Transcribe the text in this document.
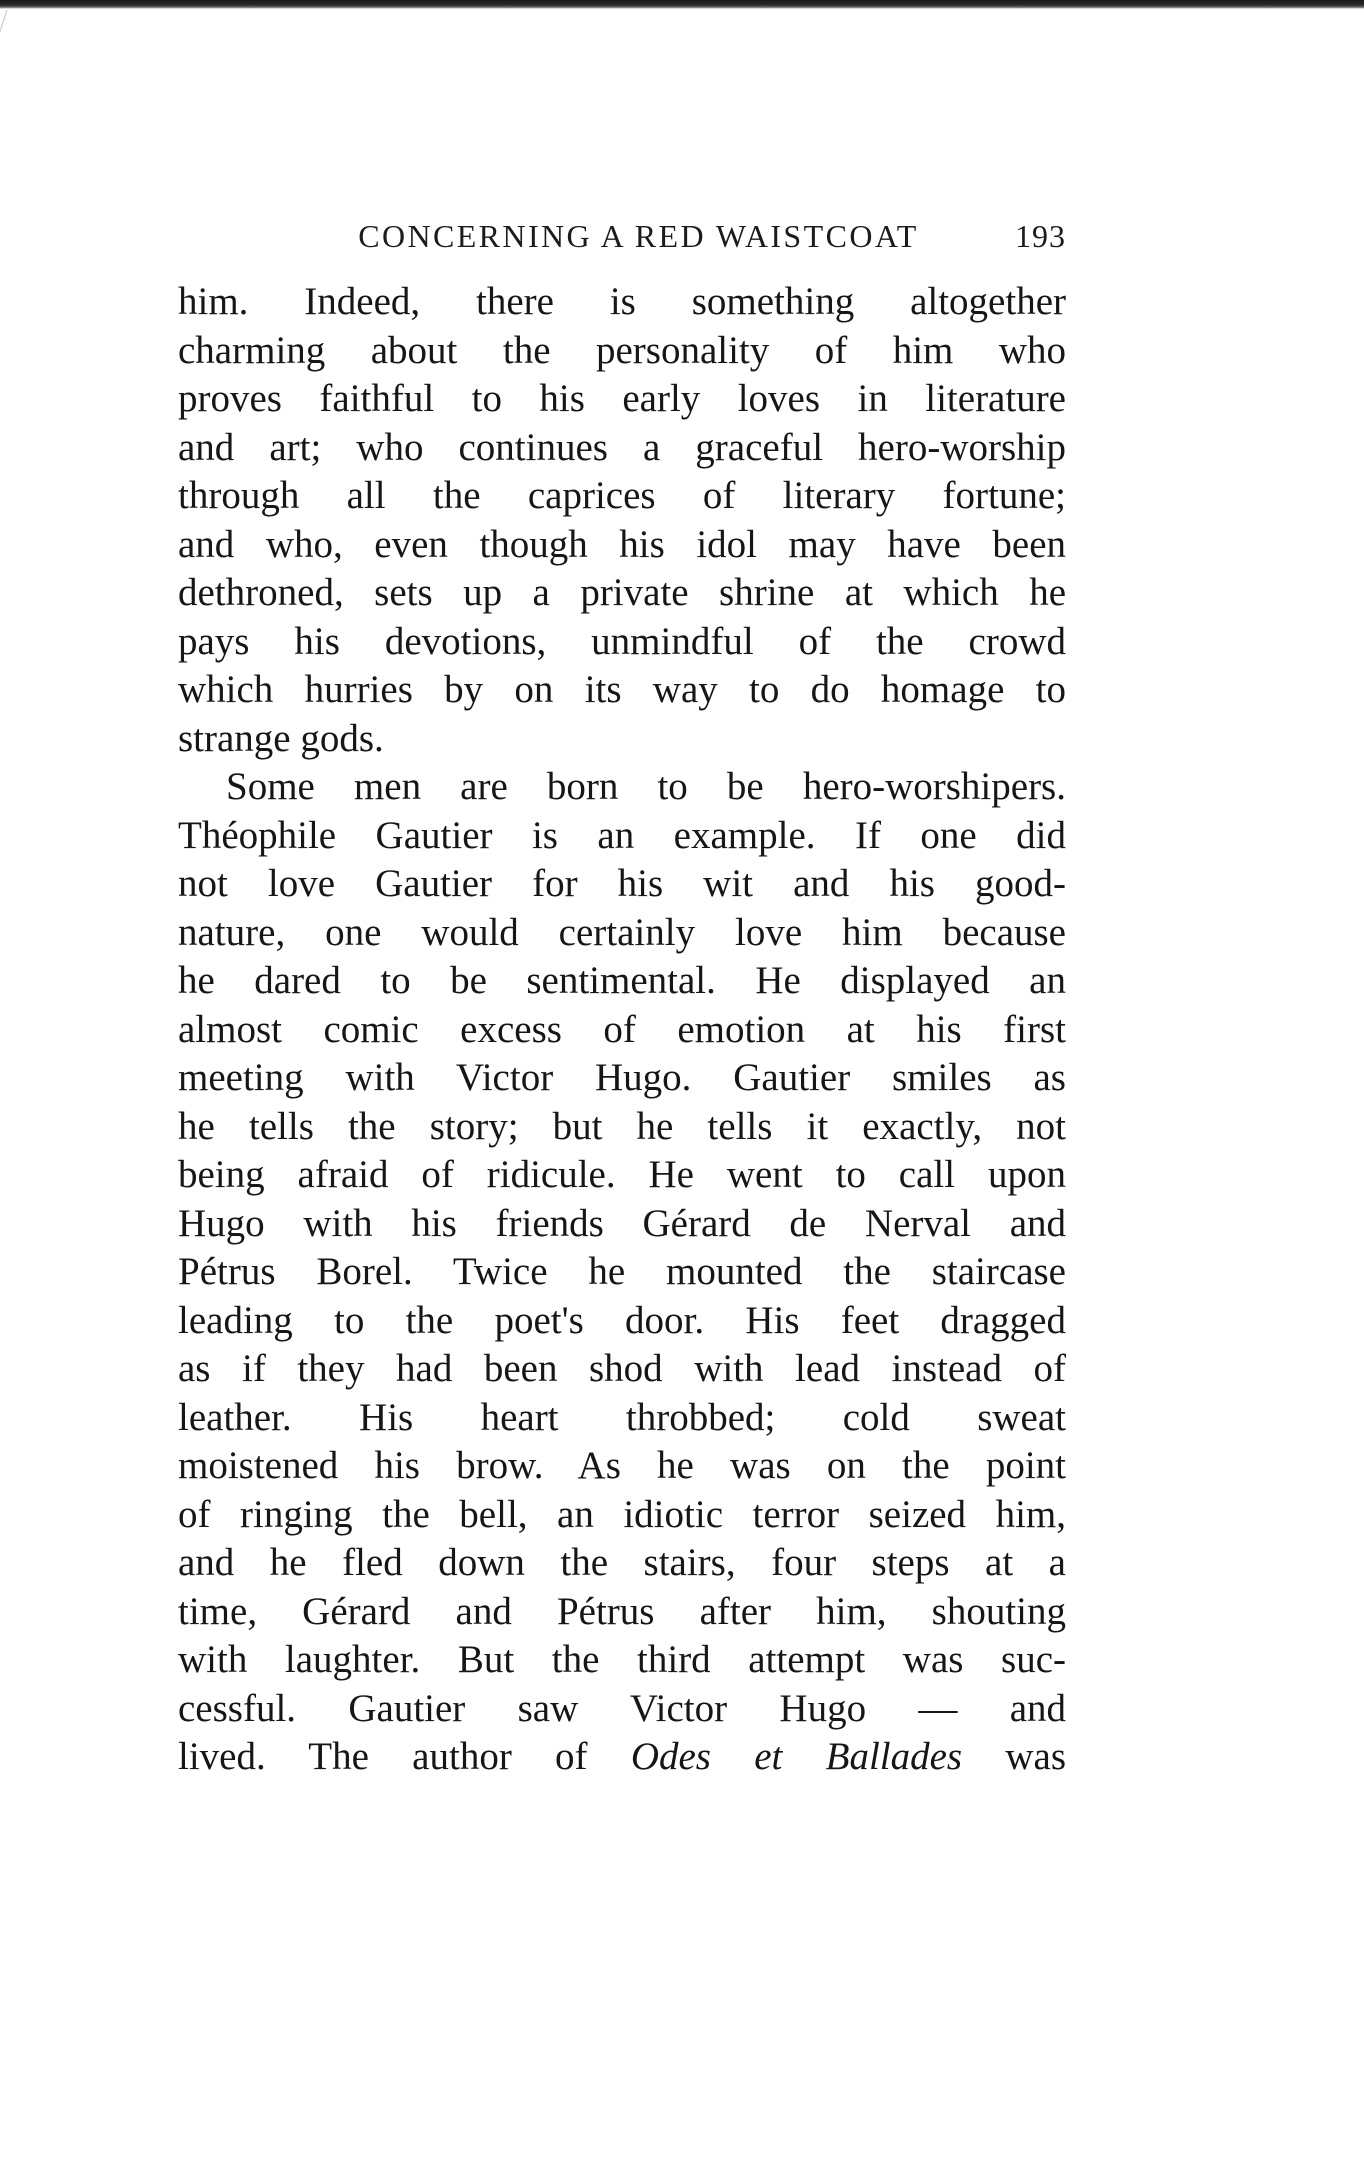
CONCERNING A RED WAISTCOAT	193
him. Indeed, there is something altogether
charming about the personality of him who
proves faithful to his early loves in literature
and art; who continues a graceful hero-worship
through all the caprices of literary fortune;
and who, even though his idol may have been
dethroned, sets up a private shrine at which he
pays his devotions, unmindful of the crowd
which hurries by on its way to do homage to
strange gods.
Some men are born to be hero-worshipers.
Théophile Gautier is an example. If one did
not love Gautier for his wit and his good-
nature, one would certainly love him because
he dared to be sentimental. He displayed an
almost comic excess of emotion at his first
meeting with Victor Hugo. Gautier smiles as
he tells the story; but he tells it exactly, not
being afraid of ridicule. He went to call upon
Hugo with his friends Gérard de Nerval and
Pétrus Borel. Twice he mounted the staircase
leading to the poet's door. His feet dragged
as if they had been shod with lead instead of
leather. His heart throbbed; cold sweat
moistened his brow. As he was on the point
of ringing the bell, an idiotic terror seized him,
and he fled down the stairs, four steps at a
time, Gérard and Pétrus after him, shouting
with laughter. But the third attempt was suc-
cessful. Gautier saw Victor Hugo — and
lived. The author of Odes et Ballades was
